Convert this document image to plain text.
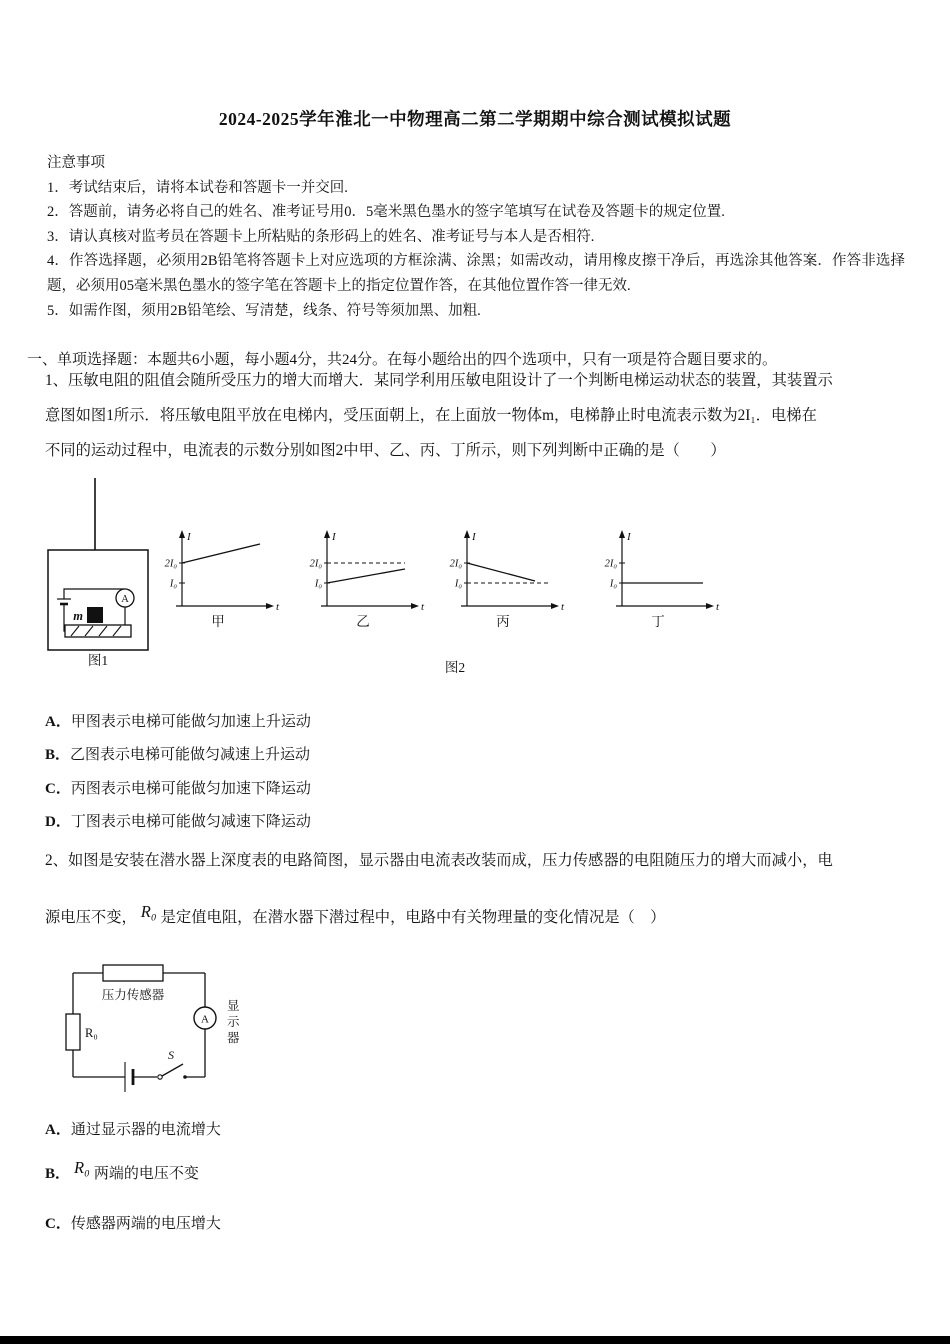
2024-2025学年淮北一中物理高二第二学期期中综合测试模拟试题
注意事项
1．考试结束后，请将本试卷和答题卡一并交回.
2．答题前，请务必将自己的姓名、准考证号用0．5毫米黑色墨水的签字笔填写在试卷及答题卡的规定位置.
3．请认真核对监考员在答题卡上所粘贴的条形码上的姓名、准考证号与本人是否相符.
4．作答选择题，必须用2B铅笔将答题卡上对应选项的方框涂满、涂黑；如需改动，请用橡皮擦干净后，再选涂其他答案．作答非选择题，必须用05毫米黑色墨水的签字笔在答题卡上的指定位置作答，在其他位置作答一律无效.
5．如需作图，须用2B铅笔绘、写清楚，线条、符号等须加黑、加粗.
一、单项选择题：本题共6小题，每小题4分，共24分。在每小题给出的四个选项中，只有一项是符合题目要求的。
1、压敏电阻的阻值会随所受压力的增大而增大．某同学利用压敏电阻设计了一个判断电梯运动状态的装置，其装置示
意图如图1所示．将压敏电阻平放在电梯内，受压面朝上，在上面放一物体m，电梯静止时电流表示数为2I₁．电梯在
不同的运动过程中，电流表的示数分别如图2中甲、乙、丙、丁所示，则下列判断中正确的是（　　）
m
A
图1
I
t
2I₀
I₀
甲
I
t
2I₀
I₀
乙
I
t
2I₀
I₀
丙
I
t
2I₀
I₀
丁
图2
A．甲图表示电梯可能做匀加速上升运动
B．乙图表示电梯可能做匀减速上升运动
C．丙图表示电梯可能做匀加速下降运动
D．丁图表示电梯可能做匀减速下降运动
2、如图是安装在潜水器上深度表的电路简图，显示器由电流表改装而成，压力传感器的电阻随压力的增大而减小，电
源电压不变， R₀ 是定值电阻，在潜水器下潜过程中，电路中有关物理量的变化情况是（　）
压力传感器
R₀
A
显
示
器
S
A．通过显示器的电流增大
B． R₀ 两端的电压不变
C．传感器两端的电压增大
